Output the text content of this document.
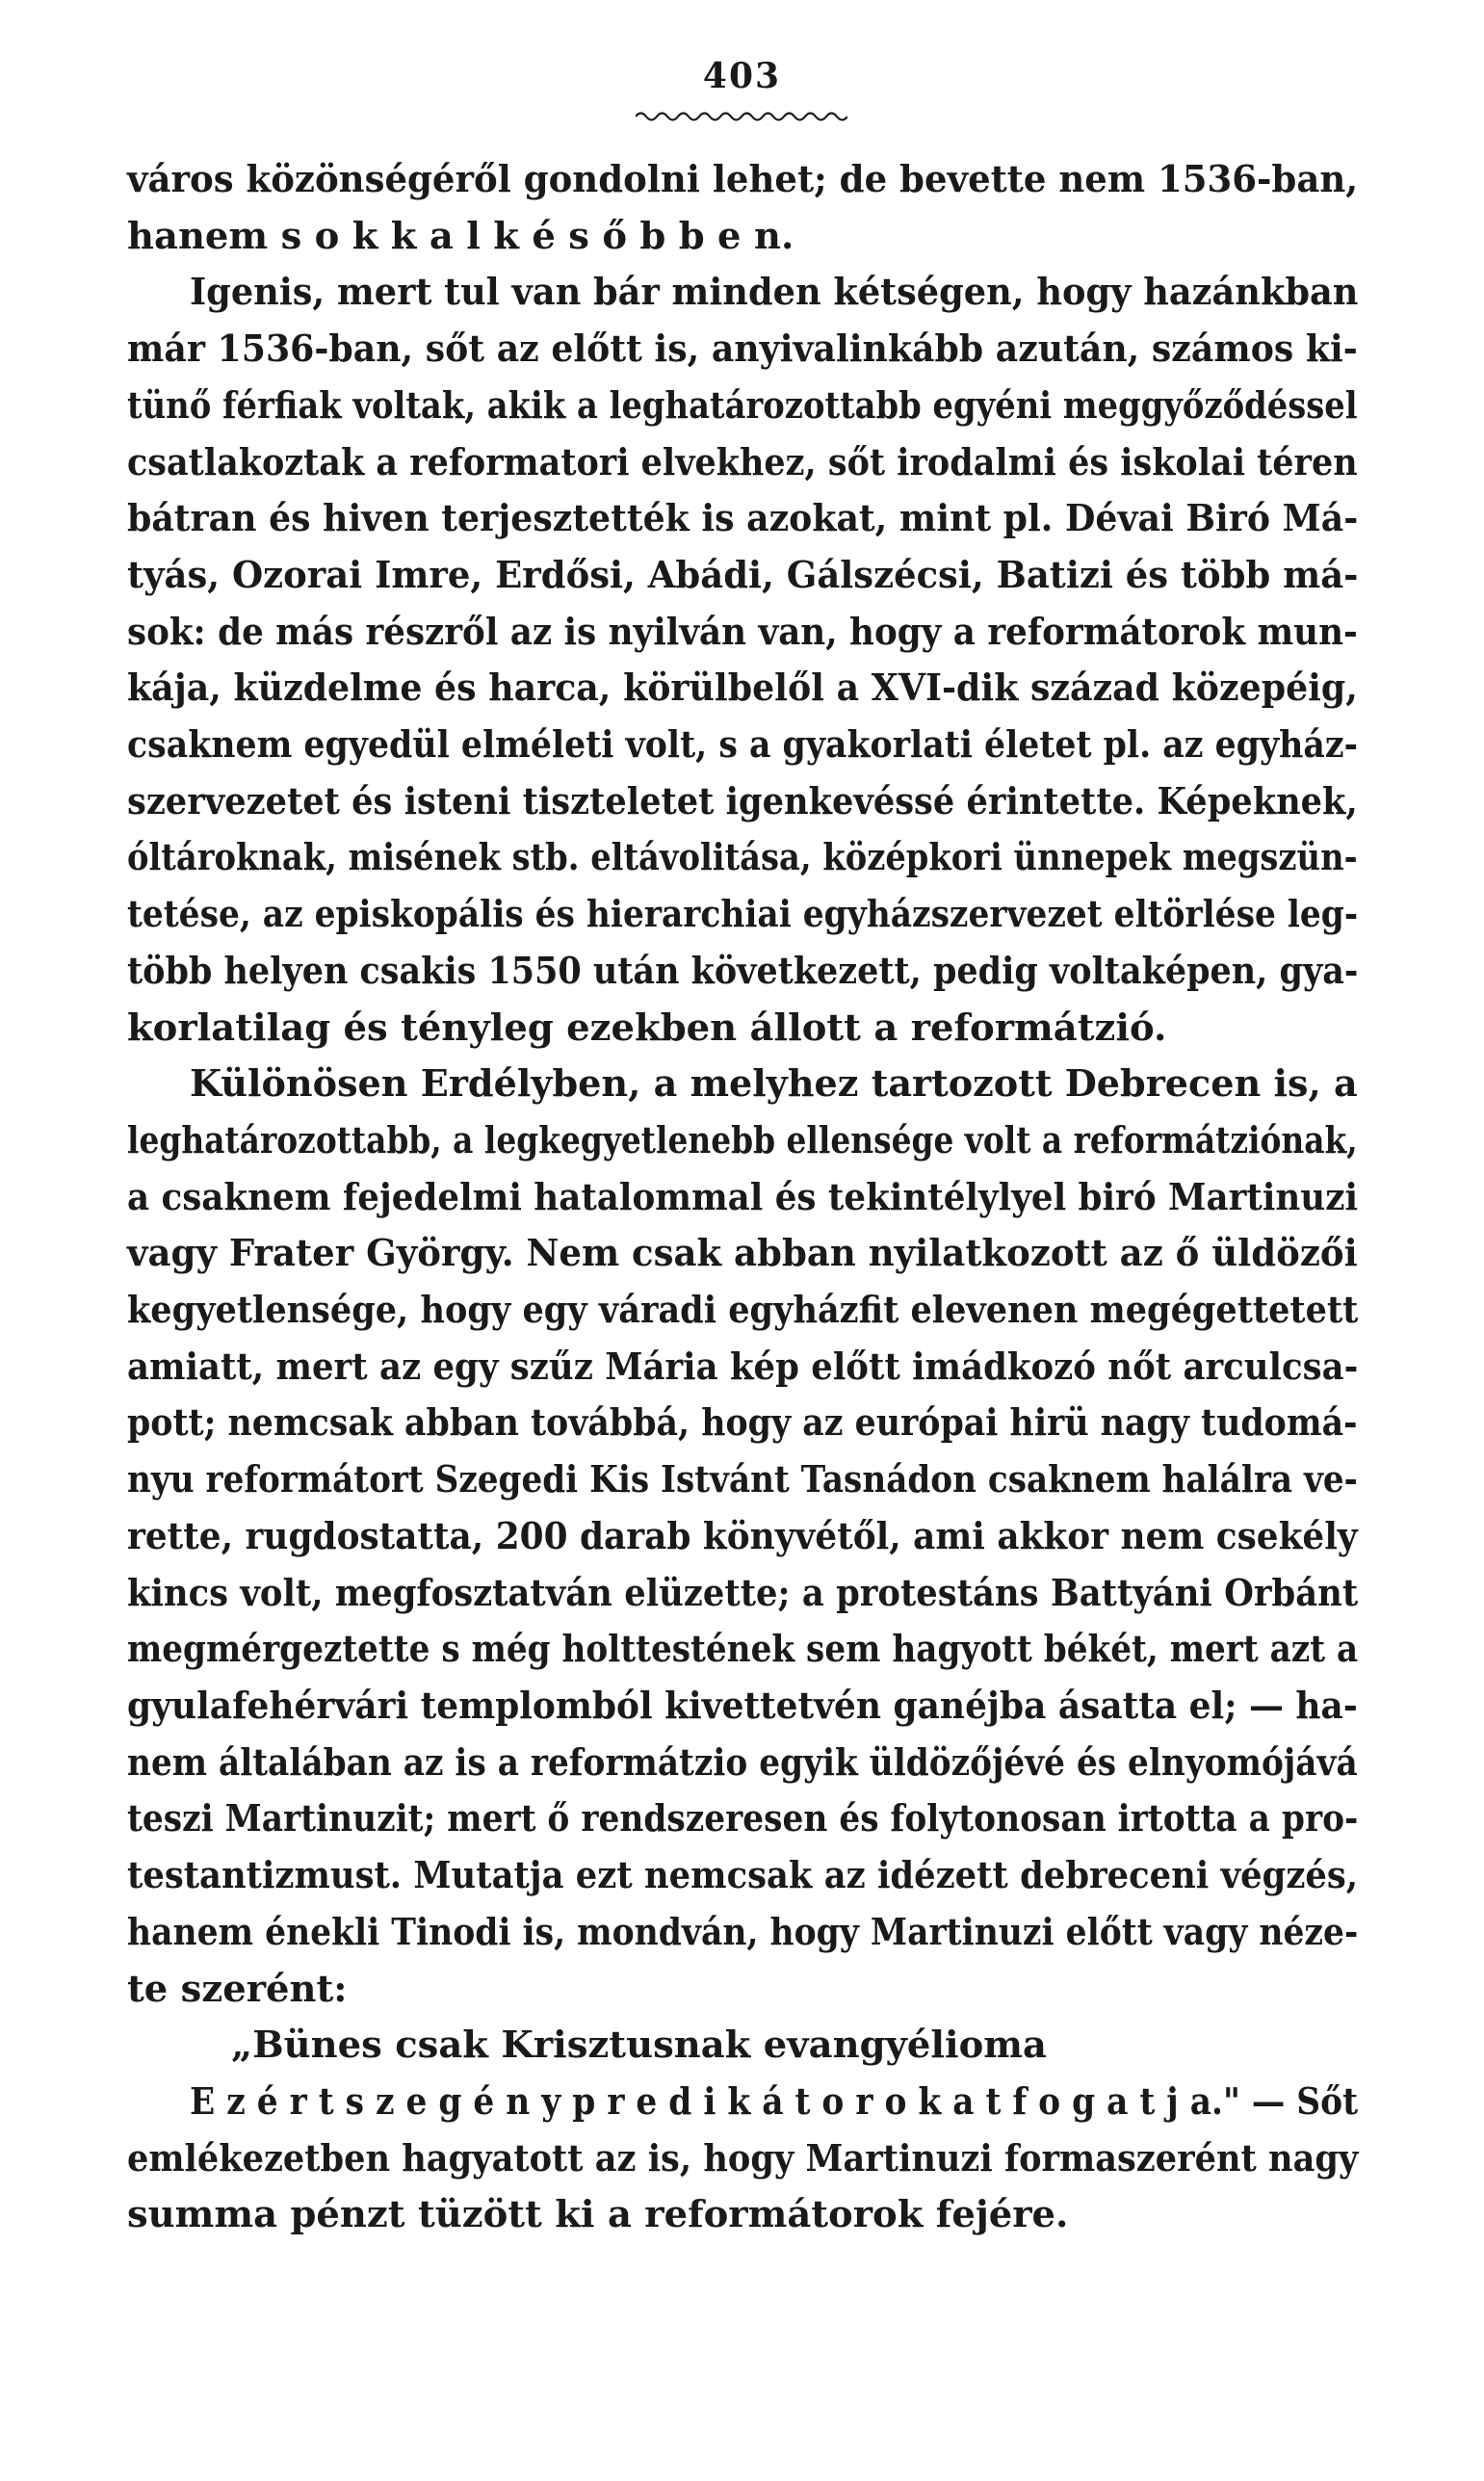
403
város közönségéről gondolni lehet; de bevette nem 1536-ban,
hanem s o k k a l k é s ő b b e n.
Igenis, mert tul van bár minden kétségen, hogy hazánkban
már 1536-ban, sőt az előtt is, anyivalinkább azután, számos ki-
tünő férfiak voltak, akik a leghatározottabb egyéni meggyőződéssel
csatlakoztak a reformatori elvekhez, sőt irodalmi és iskolai téren
bátran és hiven terjesztették is azokat, mint pl. Dévai Biró Má-
tyás, Ozorai Imre, Erdősi, Abádi, Gálszécsi, Batizi és több má-
sok: de más részről az is nyilván van, hogy a reformátorok mun-
kája, küzdelme és harca, körülbelől a XVI-dik század közepéig,
csaknem egyedül elméleti volt, s a gyakorlati életet pl. az egyház-
szervezetet és isteni tiszteletet igenkevéssé érintette. Képeknek,
óltároknak, misének stb. eltávolitása, középkori ünnepek megszün-
tetése, az episkopális és hierarchiai egyházszervezet eltörlése leg-
több helyen csakis 1550 után következett, pedig voltaképen, gya-
korlatilag és tényleg ezekben állott a reformátzió.
Különösen Erdélyben, a melyhez tartozott Debrecen is, a
leghatározottabb, a legkegyetlenebb ellensége volt a reformátziónak,
a csaknem fejedelmi hatalommal és tekintélylyel biró Martinuzi
vagy Frater György. Nem csak abban nyilatkozott az ő üldözői
kegyetlensége, hogy egy váradi egyházfit elevenen megégettetett
amiatt, mert az egy szűz Mária kép előtt imádkozó nőt arculcsa-
pott; nemcsak abban továbbá, hogy az európai hirü nagy tudomá-
nyu reformátort Szegedi Kis Istvánt Tasnádon csaknem halálra ve-
rette, rugdostatta, 200 darab könyvétől, ami akkor nem csekély
kincs volt, megfosztatván elüzette; a protestáns Battyáni Orbánt
megmérgeztette s még holttestének sem hagyott békét, mert azt a
gyulafehérvári templomból kivettetvén ganéjba ásatta el; — ha-
nem általában az is a reformátzio egyik üldözőjévé és elnyomójává
teszi Martinuzit; mert ő rendszeresen és folytonosan irtotta a pro-
testantizmust. Mutatja ezt nemcsak az idézett debreceni végzés,
hanem énekli Tinodi is, mondván, hogy Martinuzi előtt vagy néze-
te szerént:
„Bünes csak Krisztusnak evangyélioma
E z é r t s z e g é n y p r e d i k á t o r o k a t f o g a t j a." — Sőt
emlékezetben hagyatott az is, hogy Martinuzi formaszerént nagy
summa pénzt tüzött ki a reformátorok fejére.
